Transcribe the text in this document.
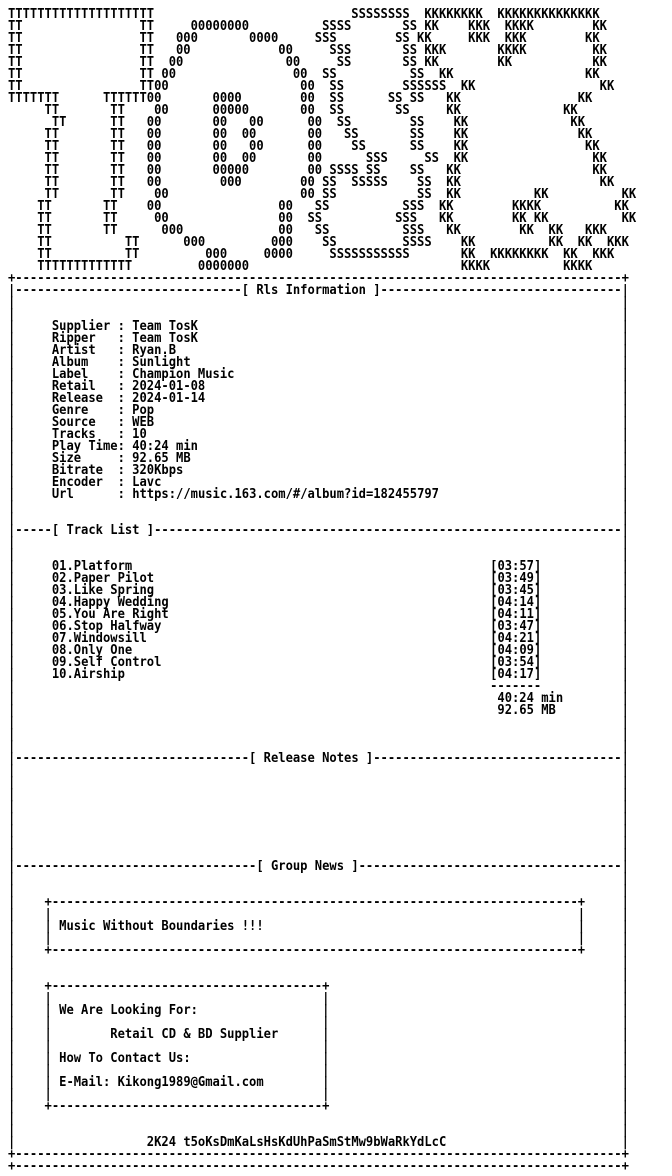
TTTTTTTTTTTTTTTTTTTT                           SSSSSSSS  KKKKKKKK  KKKKKKKKKKKKKK
TT                TT     00000000          SSSS       SS KK    KKK  KKKK        KK
TT                TT   000       0000     SSS        SS KK     KKK  KKK        KK
TT                TT   00            00     SSS       SS KKK       KKKK         KK
TT                TT  00              00     SS       SS KK        KK           KK
TT                TT 00                00  SS          SS  KK                  KK
TT                TT00                  00  SS        SSSSSS  KK                 KK
TTTTTTT      TTTTTT00       0000        00  SS      SS SS   KK                KK
TT       TT    00      00000       00  SS       SS     KK              KK
TT      TT   00       00   00      00  SS        SS    KK              KK
TT       TT   00       00  00       00   SS       SS    KK               KK
TT       TT   00       00   00      00    SS      SS    KK                KK
TT       TT   00       00  00       00      SSS     SS  KK                 KK
TT       TT   00       00000        00 SSSS SS    SS   KK                  KK
TT       TT   00        000        00 SS  SSSSS    SS  KK                   KK
TT       TT    00                  00 SS           SS  KK          KK          KK
TT       TT    00                00   SS          SSS  KK        KKKK          KK
TT       TT     00               00  SS          SSS   KK        KK KK          KK
TT       TT      000             00   SS          SSS   KK        KK  KK   KKK
TT          TT      000         000    SS         SSSS    KK          KK  KK  KKK
TT          TT         000     0000     SSSSSSSSSSS       KK  KKKKKKKK  KK  KKK
TTTTTTTTTTTTT         0000000                             KKKK          KKKK
+-----------------------------------------------------------------------------------+
|-------------------------------[ Rls Information ]---------------------------------|
|                                                                                   |
|                                                                                   |
|     Supplier : Team TosK	|
|     Ripper   : Team TosK	|
|     Artist   : Ryan.B	|
|     Album    : Sunlight	|
|     Label    : Champion Music	|
|     Retail   : 2024-01-08	|
|     Release  : 2024-01-14	|
|     Genre    : Pop	|
|     Source   : WEB	|
|     Tracks   : 10	|
|     Play Time: 40:24 min	|
|     Size     : 92.65 MB	|
|     Bitrate  : 320Kbps	|
|     Encoder  : Lavc	|
|     Url      : https://music.163.com/#/album?id=182455797	|
|                                                                                   |
|                                                                                   |
|-----[ Track List ]----------------------------------------------------------------|
|                                                                                   |
|                                                                                   |
|     01.Platform	[03:57]	|
|     02.Paper Pilot	[03:49]	|
|     03.Like Spring	[03:45]	|
|     04.Happy Wedding	[04:14]	|
|     05.You Are Right	[04:11]	|
|     06.Stop Halfway	[03:47]	|
|     07.Windowsill	[04:21]	|
|     08.Only One	[04:09]	|
|     09.Self Control	[03:54]	|
|     10.Airship	[04:17]	|
|                                                                 -------	|
|                                                                  40:24 min	|
|                                                                  92.65 MB	|
|                                                                                   |
|                                                                                   |
|                                                                                   |
|--------------------------------[ Release Notes ]----------------------------------|
|                                                                                   |
|                                                                                   |
|                                                                                   |
|                                                                                   |
|                                                                                   |
|                                                                                   |
|                                                                                   |
|                                                                                   |
|---------------------------------[ Group News ]------------------------------------|
|                                                                                   |
|                                                                                   |
|    +------------------------------------------------------------------------+	|
|    |                                                                        |	|
|    | Music Without Boundaries !!!                                           |	|
|    |                                                                        |	|
|    +------------------------------------------------------------------------+	|
|                                                                                   |
|                                                                                   |
|    +-------------------------------------+	|
|    |                                     |	|
|    | We Are Looking For:                 |	|
|    |                                     |	|
|    |	Retail CD & BD Supplier      |	|
|    |                                     |	|
|    | How To Contact Us:                  |	|
|    |                                     |	|
|    | E-Mail: Kikong1989@Gmail.com        |	|
|    |                                     |	|
|    +-------------------------------------+	|
|                                                                                   |
|                                                                                   |
|                  2K24 t5oKsDmKaLsHsKdUhPaSmStMw9bWaRkYdLcC	|
+-----------------------------------------------------------------------------------+
+-----------------------------------------------------------------------------------+
